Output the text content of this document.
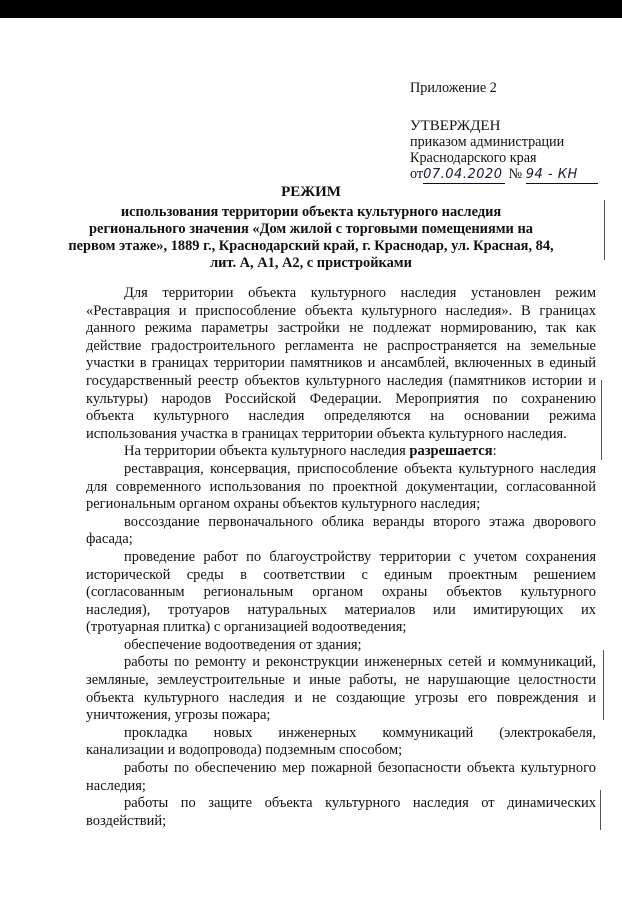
Приложение 2
УТВЕРЖДЕН
приказом администрации
Краснодарского края
от07.04.2020 № 94 - КН
РЕЖИМ
использования территории объекта культурного наследия
регионального значения «Дом жилой с торговыми помещениями на
первом этаже», 1889 г., Краснодарский край, г. Краснодар, ул. Красная, 84,
лит. А, А1, А2, с пристройками
Для территории объекта культурного наследия установлен режим
«Реставрация и приспособление объекта культурного наследия». В границах
данного режима параметры застройки не подлежат нормированию, так как
действие градостроительного регламента не распространяется на земельные
участки в границах территории памятников и ансамблей, включенных в единый
государственный реестр объектов культурного наследия (памятников истории и
культуры) народов Российской Федерации. Мероприятия по сохранению
объекта культурного наследия определяются на основании режима
использования участка в границах территории объекта культурного наследия.
На территории объекта культурного наследия разрешается:
реставрация, консервация, приспособление объекта культурного наследия
для современного использования по проектной документации, согласованной
региональным органом охраны объектов культурного наследия;
воссоздание первоначального облика веранды второго этажа дворового
фасада;
проведение работ по благоустройству территории с учетом сохранения
исторической среды в соответствии с единым проектным решением
(согласованным региональным органом охраны объектов культурного
наследия), тротуаров натуральных материалов или имитирующих их
(тротуарная плитка) с организацией водоотведения;
обеспечение водоотведения от здания;
работы по ремонту и реконструкции инженерных сетей и коммуникаций,
земляные, землеустроительные и иные работы, не нарушающие целостности
объекта культурного наследия и не создающие угрозы его повреждения и
уничтожения, угрозы пожара;
прокладка новых инженерных коммуникаций (электрокабеля,
канализации и водопровода) подземным способом;
работы по обеспечению мер пожарной безопасности объекта культурного
наследия;
работы по защите объекта культурного наследия от динамических
воздействий;
